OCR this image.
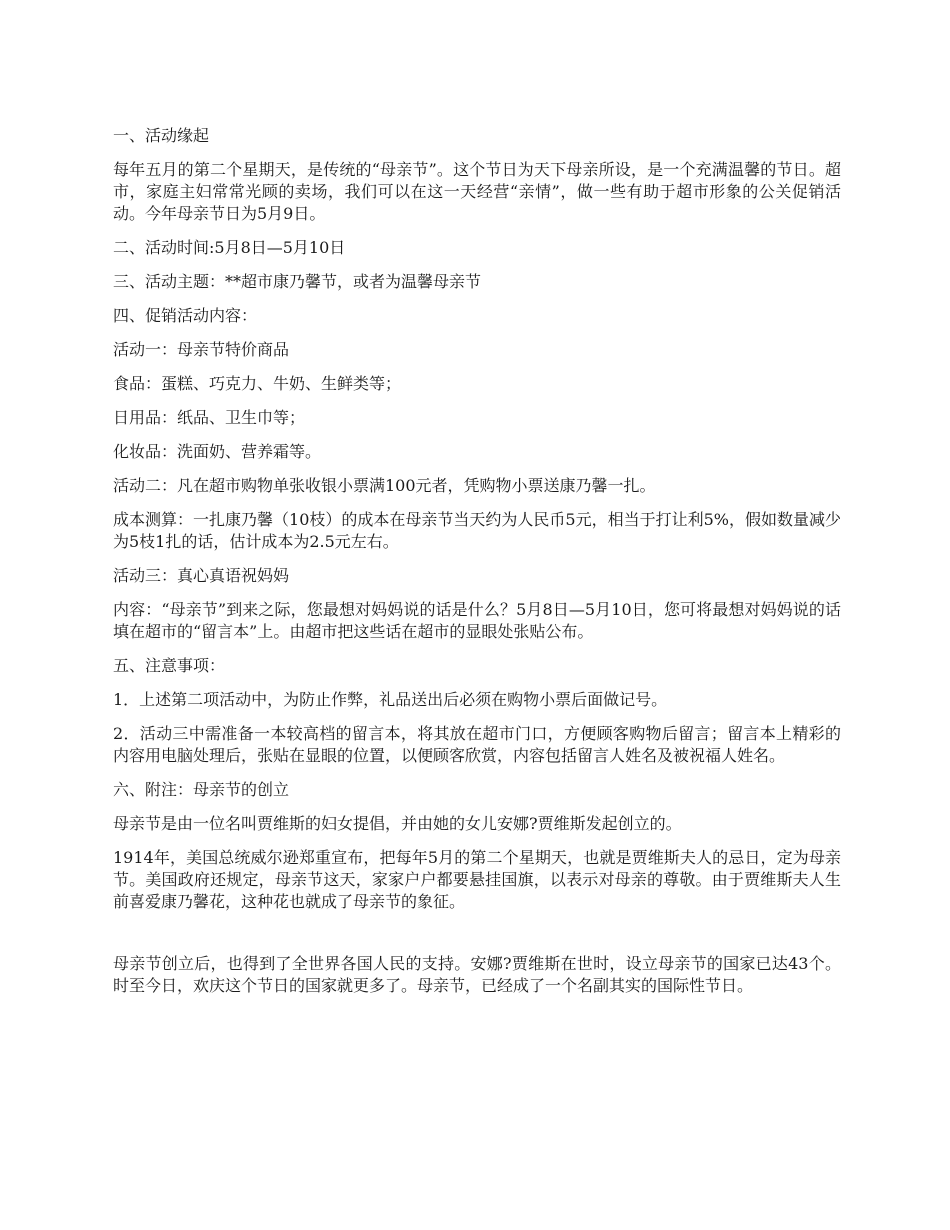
一、活动缘起

每年五月的第二个星期天，是传统的“母亲节”。这个节日为天下母亲所设，是一个充满温馨的节日。超市，家庭主妇常常光顾的卖场，我们可以在这一天经营“亲情”，做一些有助于超市形象的公关促销活动。今年母亲节日为5月9日。

二、活动时间:5月8日—5月10日

三、活动主题：**超市康乃馨节，或者为温馨母亲节

四、促销活动内容：

活动一：母亲节特价商品

食品：蛋糕、巧克力、牛奶、生鲜类等；

日用品：纸品、卫生巾等；

化妆品：洗面奶、营养霜等。

活动二：凡在超市购物单张收银小票满100元者，凭购物小票送康乃馨一扎。

成本测算：一扎康乃馨（10枝）的成本在母亲节当天约为人民币5元，相当于打让利5%，假如数量减少为5枝1扎的话，估计成本为2.5元左右。

活动三：真心真语祝妈妈

内容：“母亲节”到来之际，您最想对妈妈说的话是什么？5月8日—5月10日，您可将最想对妈妈说的话填在超市的“留言本”上。由超市把这些话在超市的显眼处张贴公布。

五、注意事项：

1．上述第二项活动中，为防止作弊，礼品送出后必须在购物小票后面做记号。

2．活动三中需准备一本较高档的留言本，将其放在超市门口，方便顾客购物后留言；留言本上精彩的内容用电脑处理后，张贴在显眼的位置，以便顾客欣赏，内容包括留言人姓名及被祝福人姓名。

六、附注：母亲节的创立

母亲节是由一位名叫贾维斯的妇女提倡，并由她的女儿安娜?贾维斯发起创立的。

1914年，美国总统威尔逊郑重宣布，把每年5月的第二个星期天，也就是贾维斯夫人的忌日，定为母亲节。美国政府还规定，母亲节这天，家家户户都要悬挂国旗，以表示对母亲的尊敬。由于贾维斯夫人生前喜爱康乃馨花，这种花也就成了母亲节的象征。

母亲节创立后，也得到了全世界各国人民的支持。安娜?贾维斯在世时，设立母亲节的国家已达43个。时至今日，欢庆这个节日的国家就更多了。母亲节，已经成了一个名副其实的国际性节日。
